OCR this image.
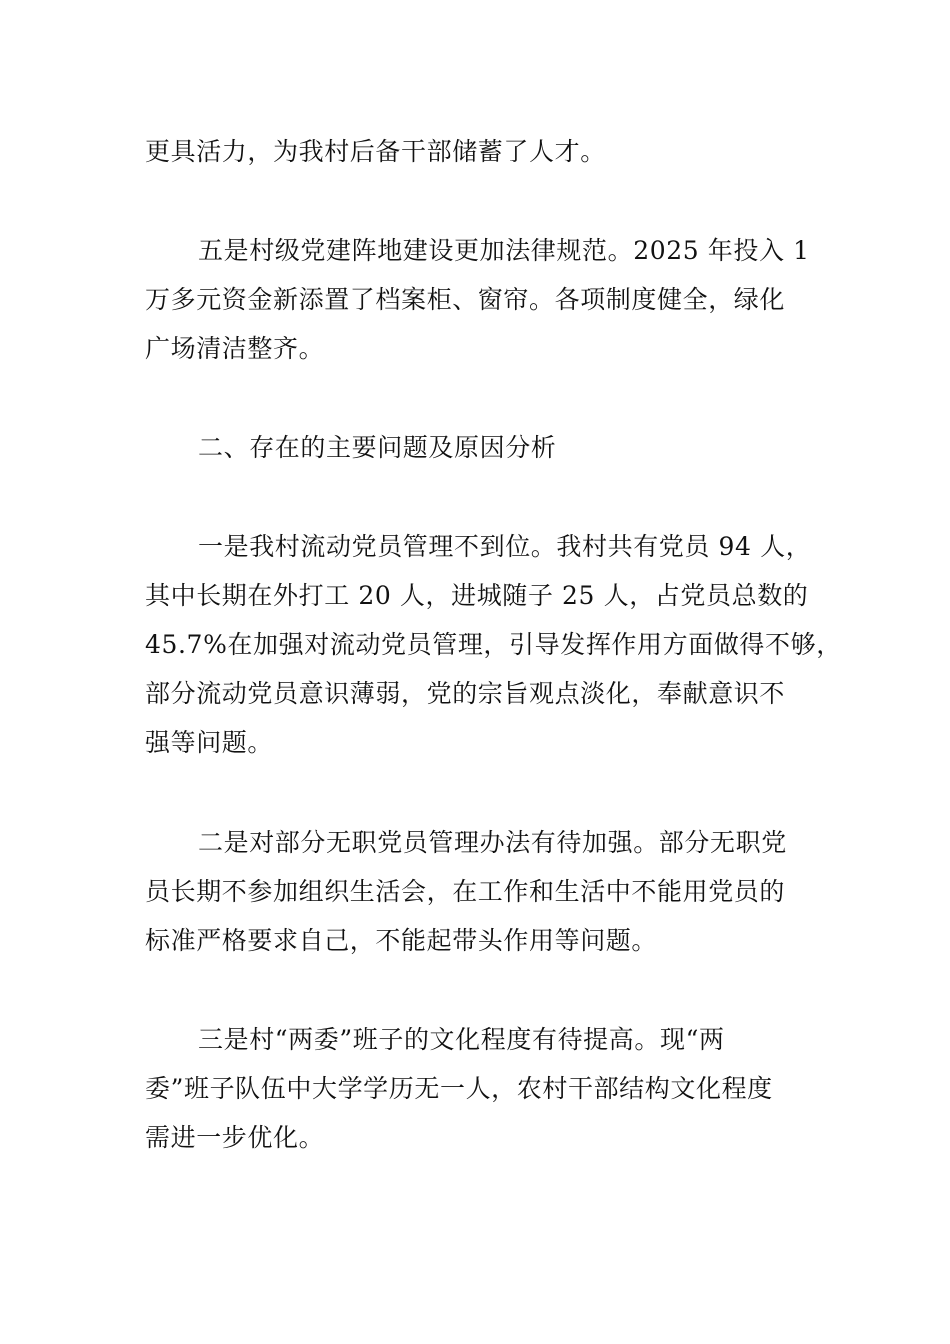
更具活力，为我村后备干部储蓄了人才。
五是村级党建阵地建设更加法律规范。2025 年投入 1
万多元资金新添置了档案柜、窗帘。各项制度健全，绿化
广场清洁整齐。
二、存在的主要问题及原因分析
一是我村流动党员管理不到位。我村共有党员 94 人，
其中长期在外打工 20 人，进城随子 25 人，占党员总数的
45.7%在加强对流动党员管理，引导发挥作用方面做得不够，
部分流动党员意识薄弱，党的宗旨观点淡化，奉献意识不
强等问题。
二是对部分无职党员管理办法有待加强。部分无职党
员长期不参加组织生活会，在工作和生活中不能用党员的
标准严格要求自己，不能起带头作用等问题。
三是村“两委”班子的文化程度有待提高。现“两
委”班子队伍中大学学历无一人，农村干部结构文化程度
需进一步优化。
